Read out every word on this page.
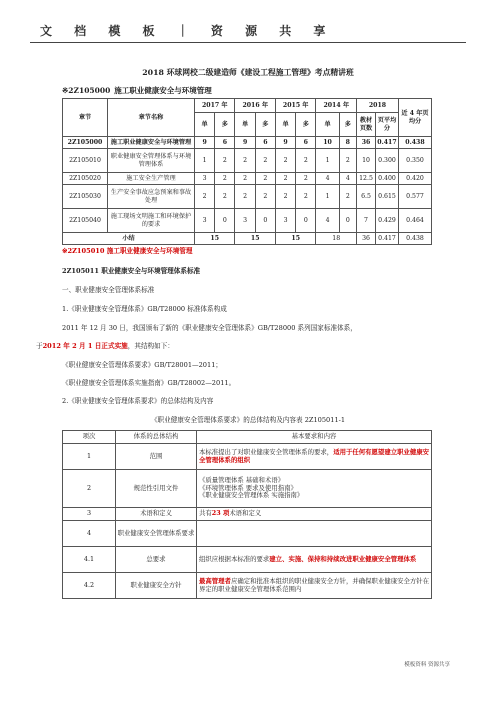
文 档 模 板 ｜ 资 源 共 享
2018 环球网校二级建造师《建设工程施工管理》考点精讲班
※2Z105000 施工职业健康安全与环境管理
章节	章节名称	2017 年		2016 年		2015 年		2014 年		2018		近 4 年页均分
		单	多	单	多	单	多	单	多	教材页数	页平均分	
2Z105000	施工职业健康安全与环境管理	9	6	9	6	9	6	10	8	36	0.417	0.438
2Z105010	职业健康安全管理体系与环境管理体系	1	2	2	2	2	2	1	2	10	0.300	0.350
2Z105020	施工安全生产管理	3	2	2	2	2	2	4	4	12.5	0.400	0.420
2Z105030	生产安全事故应急预案和事故处理	2	2	2	2	2	2	1	2	6.5	0.615	0.577
2Z105040	施工现场文明施工和环境保护的要求	3	0	3	0	3	0	4	0	7	0.429	0.464
小结		15		15		15		18		36	0.417	0.438
※2Z105010 施工职业健康安全与环境管理
2Z105011 职业健康安全与环境管理体系标准
一、职业健康安全管理体系标准
1.《职业健康安全管理体系》GB/T28000 标准体系构成
2011 年 12 月 30 日，我国颁布了新的《职业健康安全管理体系》GB/T28000 系列国家标准体系，
于2012 年 2 月 1 日正式实施，其结构如下：
《职业健康安全管理体系要求》GB/T28001—2011；
《职业健康安全管理体系实施指南》GB/T28002—2011。
2.《职业健康安全管理体系要求》的总体结构及内容
《职业健康安全管理体系要求》的总体结构及内容表 2Z105011-1
项次	体系的总体结构	基本要求和内容
1	范围	本标准提出了对职业健康安全管理体系的要求，适用于任何有愿望建立职业健康安全管理体系的组织
2	规范性引用文件	《质量管理体系 基础和术语》
《环境管理体系 要求及使用指南》
《职业健康安全管理体系 实施指南》

3	术语和定义	共有23 项术语和定义
4	职业健康安全管理体系要求	
4.1	总要求	组织应根据本标准的要求建立、实施、保持和持续改进职业健康安全管理体系
4.2	职业健康安全方针	最高管理者应确定和批准本组织的职业健康安全方针，并确保职业健康安全方针在界定的职业健康安全管理体系范围内
模板资料 资源共享
